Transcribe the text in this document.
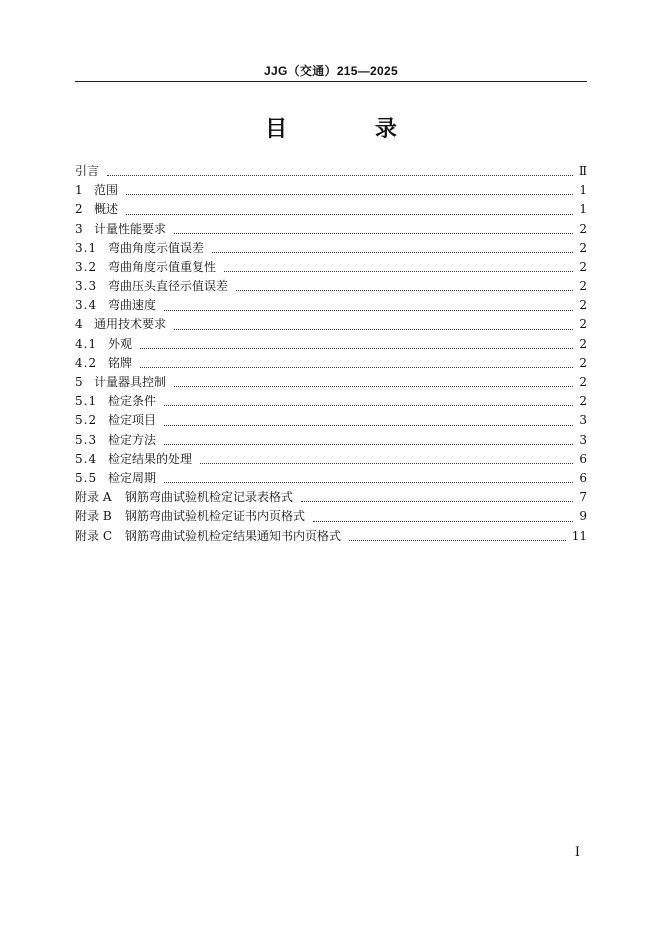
JJG（交通）215—2025
目 录
引言	Ⅱ
1 范围	1
2 概述	1
3 计量性能要求	2
3.1 弯曲角度示值误差	2
3.2 弯曲角度示值重复性	2
3.3 弯曲压头直径示值误差	2
3.4 弯曲速度	2
4 通用技术要求	2
4.1 外观	2
4.2 铭牌	2
5 计量器具控制	2
5.1 检定条件	2
5.2 检定项目	3
5.3 检定方法	3
5.4 检定结果的处理	6
5.5 检定周期	6
附录 A	钢筋弯曲试验机检定记录表格式	7
附录 B	钢筋弯曲试验机检定证书内页格式	9
附录 C	钢筋弯曲试验机检定结果通知书内页格式	11
I
